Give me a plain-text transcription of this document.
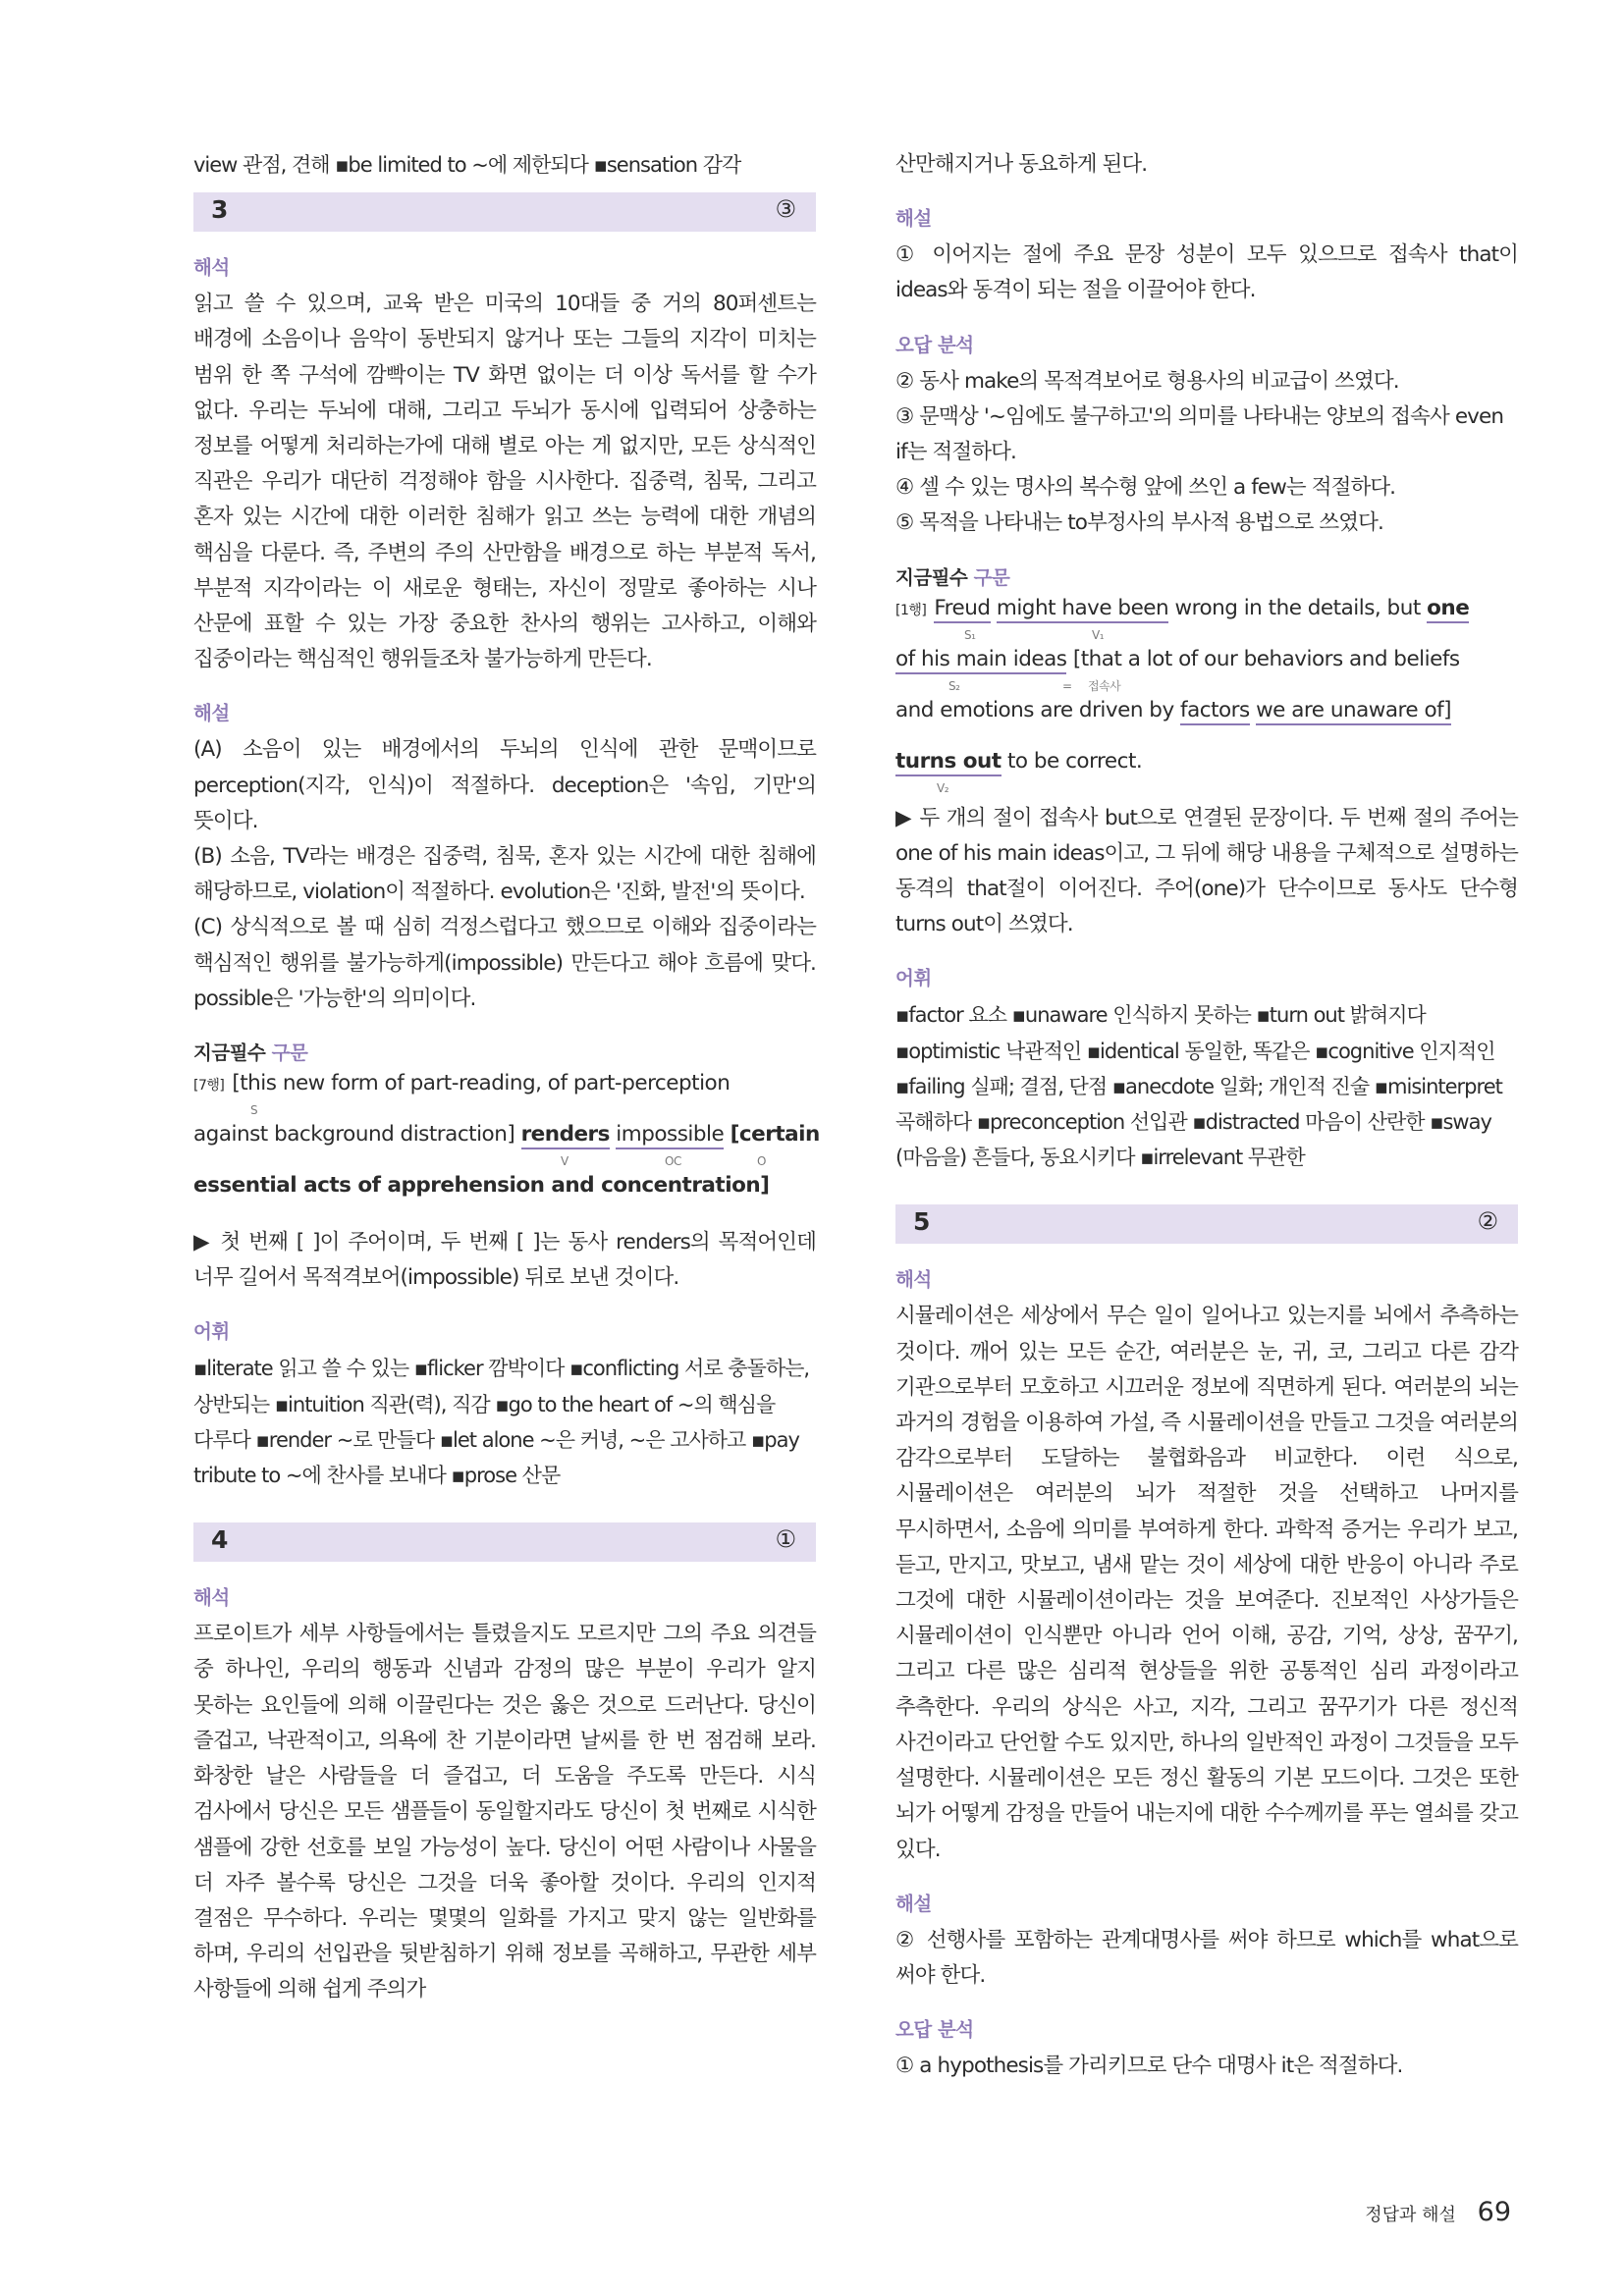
view 관점, 견해 ▪be limited to ~에 제한되다 ▪sensation 감각

3	③
해석

읽고 쓸 수 있으며, 교육 받은 미국의 10대들 중 거의 80퍼센트는 배경에 소음이나 음악이 동반되지 않거나 또는 그들의 지각이 미치는 범위 한 쪽 구석에 깜빡이는 TV 화면 없이는 더 이상 독서를 할 수가 없다. 우리는 두뇌에 대해, 그리고 두뇌가 동시에 입력되어 상충하는 정보를 어떻게 처리하는가에 대해 별로 아는 게 없지만, 모든 상식적인 직관은 우리가 대단히 걱정해야 함을 시사한다. 집중력, 침묵, 그리고 혼자 있는 시간에 대한 이러한 침해가 읽고 쓰는 능력에 대한 개념의 핵심을 다룬다. 즉, 주변의 주의 산만함을 배경으로 하는 부분적 독서, 부분적 지각이라는 이 새로운 형태는, 자신이 정말로 좋아하는 시나 산문에 표할 수 있는 가장 중요한 찬사의 행위는 고사하고, 이해와 집중이라는 핵심적인 행위들조차 불가능하게 만든다.

해설

(A) 소음이 있는 배경에서의 두뇌의 인식에 관한 문맥이므로 perception(지각, 인식)이 적절하다. deception은 '속임, 기만'의 뜻이다.

(B) 소음, TV라는 배경은 집중력, 침묵, 혼자 있는 시간에 대한 침해에 해당하므로, violation이 적절하다. evolution은 '진화, 발전'의 뜻이다.

(C) 상식적으로 볼 때 심히 걱정스럽다고 했으므로 이해와 집중이라는 핵심적인 행위를 불가능하게(impossible) 만든다고 해야 흐름에 맞다. possible은 '가능한'의 의미이다.

지금필수 구문
[7행] [this new form of part-reading, of part-perception
S
against background distraction] renders impossible [certain
V	OC	O
essential acts of apprehension and concentration]

▶ 첫 번째 [ ]이 주어이며, 두 번째 [ ]는 동사 renders의 목적어인데 너무 길어서 목적격보어(impossible) 뒤로 보낸 것이다.

어휘

▪literate 읽고 쓸 수 있는 ▪flicker 깜박이다 ▪conflicting 서로 충돌하는, 상반되는 ▪intuition 직관(력), 직감 ▪go to the heart of ~의 핵심을 다루다 ▪render ~로 만들다 ▪let alone ~은 커녕, ~은 고사하고 ▪pay tribute to ~에 찬사를 보내다 ▪prose 산문

4	①
해석

프로이트가 세부 사항들에서는 틀렸을지도 모르지만 그의 주요 의견들 중 하나인, 우리의 행동과 신념과 감정의 많은 부분이 우리가 알지 못하는 요인들에 의해 이끌린다는 것은 옳은 것으로 드러난다. 당신이 즐겁고, 낙관적이고, 의욕에 찬 기분이라면 날씨를 한 번 점검해 보라. 화창한 날은 사람들을 더 즐겁고, 더 도움을 주도록 만든다. 시식 검사에서 당신은 모든 샘플들이 동일할지라도 당신이 첫 번째로 시식한 샘플에 강한 선호를 보일 가능성이 높다. 당신이 어떤 사람이나 사물을 더 자주 볼수록 당신은 그것을 더욱 좋아할 것이다. 우리의 인지적 결점은 무수하다. 우리는 몇몇의 일화를 가지고 맞지 않는 일반화를 하며, 우리의 선입관을 뒷받침하기 위해 정보를 곡해하고, 무관한 세부 사항들에 의해 쉽게 주의가

산만해지거나 동요하게 된다.

해설

① 이어지는 절에 주요 문장 성분이 모두 있으므로 접속사 that이 ideas와 동격이 되는 절을 이끌어야 한다.

오답 분석

② 동사 make의 목적격보어로 형용사의 비교급이 쓰였다.

③ 문맥상 '~임에도 불구하고'의 의미를 나타내는 양보의 접속사 even if는 적절하다.

④ 셀 수 있는 명사의 복수형 앞에 쓰인 a few는 적절하다.

⑤ 목적을 나타내는 to부정사의 부사적 용법으로 쓰였다.

지금필수 구문
[1행] Freud might have been wrong in the details, but one
S₁	V₁
of his main ideas [that a lot of our behaviors and beliefs
S₂	= 접속사
and emotions are driven by factors we are unaware of]
turns out to be correct.
V₂

▶ 두 개의 절이 접속사 but으로 연결된 문장이다. 두 번째 절의 주어는 one of his main ideas이고, 그 뒤에 해당 내용을 구체적으로 설명하는 동격의 that절이 이어진다. 주어(one)가 단수이므로 동사도 단수형 turns out이 쓰였다.

어휘

▪factor 요소 ▪unaware 인식하지 못하는 ▪turn out 밝혀지다 ▪optimistic 낙관적인 ▪identical 동일한, 똑같은 ▪cognitive 인지적인 ▪failing 실패; 결점, 단점 ▪anecdote 일화; 개인적 진술 ▪misinterpret 곡해하다 ▪preconception 선입관 ▪distracted 마음이 산란한 ▪sway (마음을) 흔들다, 동요시키다 ▪irrelevant 무관한

5	②
해석

시뮬레이션은 세상에서 무슨 일이 일어나고 있는지를 뇌에서 추측하는 것이다. 깨어 있는 모든 순간, 여러분은 눈, 귀, 코, 그리고 다른 감각 기관으로부터 모호하고 시끄러운 정보에 직면하게 된다. 여러분의 뇌는 과거의 경험을 이용하여 가설, 즉 시뮬레이션을 만들고 그것을 여러분의 감각으로부터 도달하는 불협화음과 비교한다. 이런 식으로, 시뮬레이션은 여러분의 뇌가 적절한 것을 선택하고 나머지를 무시하면서, 소음에 의미를 부여하게 한다. 과학적 증거는 우리가 보고, 듣고, 만지고, 맛보고, 냄새 맡는 것이 세상에 대한 반응이 아니라 주로 그것에 대한 시뮬레이션이라는 것을 보여준다. 진보적인 사상가들은 시뮬레이션이 인식뿐만 아니라 언어 이해, 공감, 기억, 상상, 꿈꾸기, 그리고 다른 많은 심리적 현상들을 위한 공통적인 심리 과정이라고 추측한다. 우리의 상식은 사고, 지각, 그리고 꿈꾸기가 다른 정신적 사건이라고 단언할 수도 있지만, 하나의 일반적인 과정이 그것들을 모두 설명한다. 시뮬레이션은 모든 정신 활동의 기본 모드이다. 그것은 또한 뇌가 어떻게 감정을 만들어 내는지에 대한 수수께끼를 푸는 열쇠를 갖고 있다.

해설

② 선행사를 포함하는 관계대명사를 써야 하므로 which를 what으로 써야 한다.

오답 분석

① a hypothesis를 가리키므로 단수 대명사 it은 적절하다.

정답과 해설 69
